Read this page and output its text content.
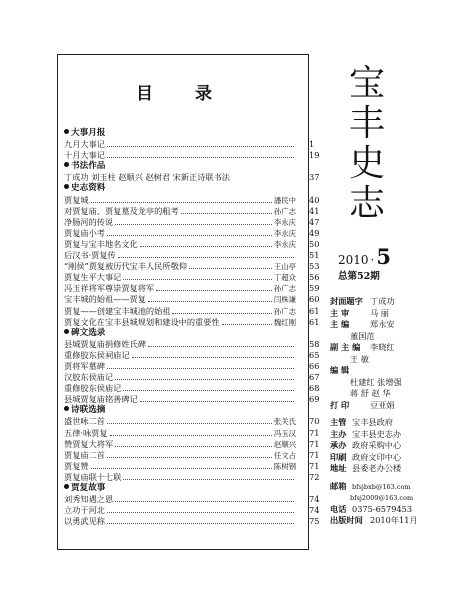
目 录
大事月报
九月大事记	1
十月大事记	19
书法作品
丁成功 刘玉柱 赵顺兴 赵树君 宋新正诗联书法	37
史志资料
贾复城	潘民中 40
对贾复庙、贾复墓及龙亭的粗考	孙广志 41
净肠河的传说	李永庆 47
贾复庙小考	李永庆 49
贾复与宝丰地名文化	李永庆 50
后汉书·贾复传	51
“刚侯”贾复被历代宝丰人民所敬仰	王山亭 53
贾复生平大事记	丁超众 56
冯玉祥将军尊崇贾复将军	孙广志 59
宝丰城的始祖——贾复	闫株谦 60
贾复——创建宝丰城池的始祖	孙广志 61
贾复文化在宝丰县城规划和建设中的重要性	魏红刚 61
碑文选录
县城贾复庙捐修姓氏碑	58
重修胶东侯祠庙记	65
贾将军墓碑	66
汉胶东侯庙记	67
重修胶东侯庙记	68
县城贾复庙铭善碑记	69
诗联选摘
盛世咏二首	张关氏 70
五律·咏贾复	冯玉汉 71
赞贾复大将军	赵顺兴 71
贾复庙二首	任文占 71
贾复赞	陈树钢 71
贾复庙联十七联	72
贾复故事
刘秀知遇之恩	74
立功于河北	74
以勇武见称	75
宝
丰
史
志
2010 ·5
总第52期
封面题字 丁成功
主 审	马 丽
主 编	郑永安
董国范
副 主 编 李晓红
王 敏
编 辑
杜建红 张增强
蒋 舒 赵 华
打 印	豆亚娟
主管 宝丰县政府
主办 宝丰县史志办
承办 政府采购中心
印刷 政府文印中心
地址 县委老办公楼
邮箱 bfsjbxb@163.com
bfsj2009@163.com
电话 0375-6579453
出版时间 2010年11月
